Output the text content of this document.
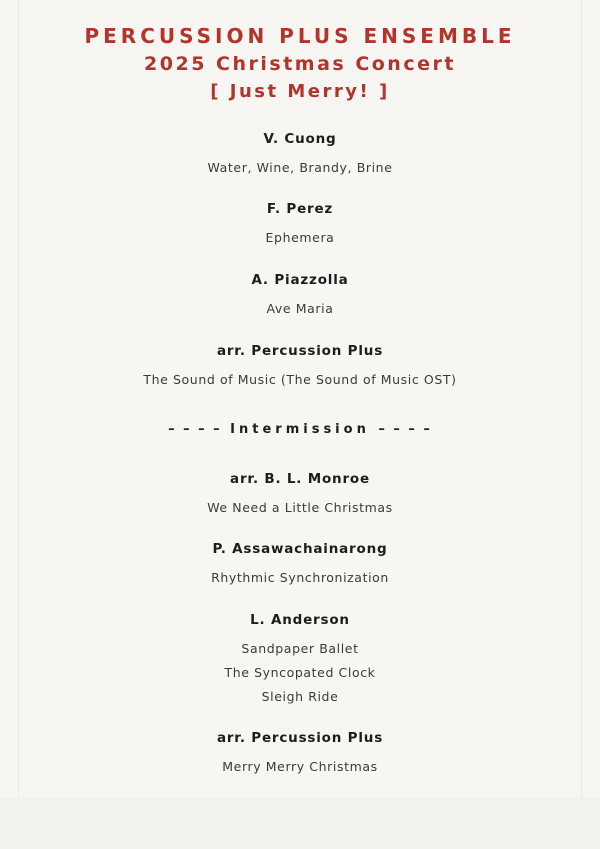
PERCUSSION PLUS ENSEMBLE
2025 Christmas Concert
[ Just Merry! ]
V. Cuong
Water, Wine, Brandy, Brine
F. Perez
Ephemera
A. Piazzolla
Ave Maria
arr. Percussion Plus
The Sound of Music (The Sound of Music OST)
– – – – Intermission – – – –
arr. B. L. Monroe
We Need a Little Christmas
P. Assawachainarong
Rhythmic Synchronization
L. Anderson
Sandpaper Ballet
The Syncopated Clock
Sleigh Ride
arr. Percussion Plus
Merry Merry Christmas
